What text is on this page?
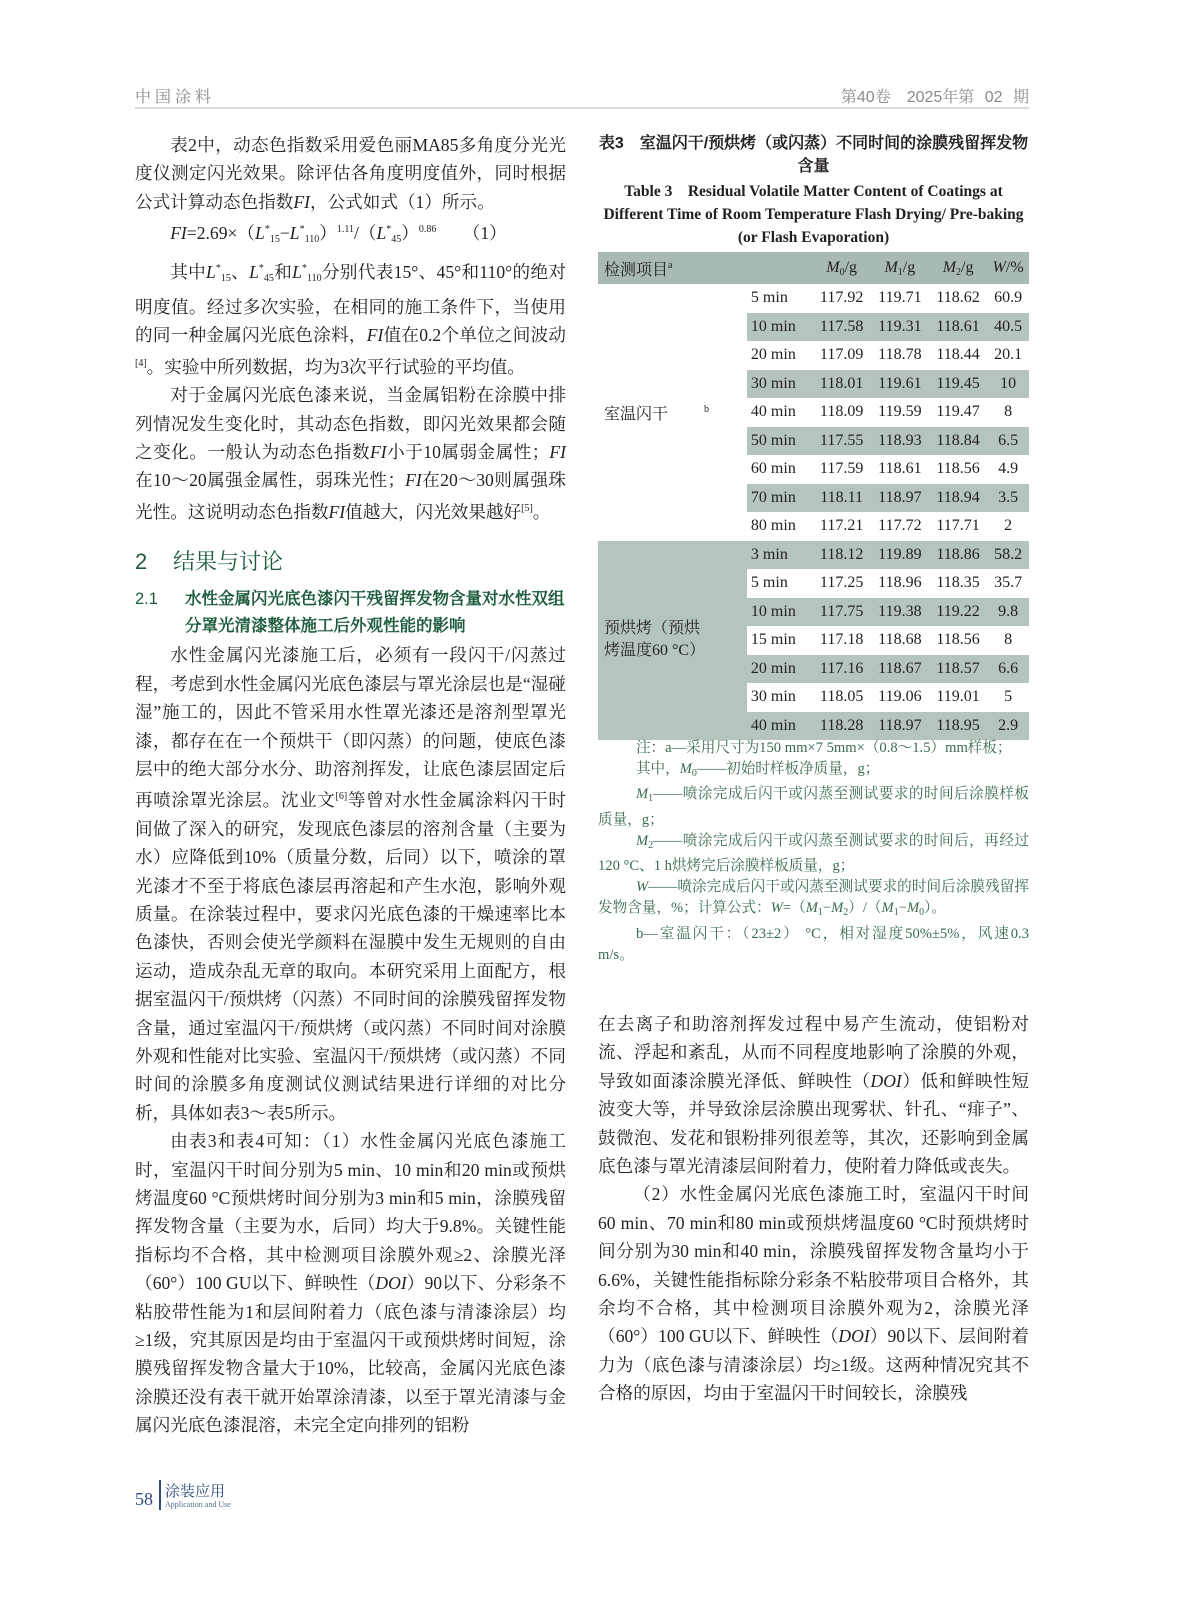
中国涂料	第40卷　2025年第 02 期

表2中，动态色指数采用爱色丽MA85多角度分光光度仪测定闪光效果。除评估各角度明度值外，同时根据公式计算动态色指数FI，公式如式（1）所示。

$FI=2.69\times(L^*_{15}-L^*_{110})^{1.11}/(L^*_{45})^{0.86}$　　（1）

其中$L^*_{15}$、$L^*_{45}$和$L^*_{110}$分别代表15°、45°和110°的绝对明度值。经过多次实验，在相同的施工条件下，当使用的同一种金属闪光底色涂料，FI值在0.2个单位之间波动[4]。实验中所列数据，均为3次平行试验的平均值。

对于金属闪光底色漆来说，当金属铝粉在涂膜中排列情况发生变化时，其动态色指数，即闪光效果都会随之变化。一般认为动态色指数FI小于10属弱金属性；FI在10～20属强金属性，弱珠光性；FI在20～30则属强珠光性。这说明动态色指数FI值越大，闪光效果越好[5]。

2 结果与讨论
2.1	水性金属闪光底色漆闪干残留挥发物含量对水性双组分罩光清漆整体施工后外观性能的影响

水性金属闪光漆施工后，必须有一段闪干/闪蒸过程，考虑到水性金属闪光底色漆层与罩光涂层也是“湿碰湿”施工的，因此不管采用水性罩光漆还是溶剂型罩光漆，都存在在一个预烘干（即闪蒸）的问题，使底色漆层中的绝大部分水分、助溶剂挥发，让底色漆层固定后再喷涂罩光涂层。沈业文[6]等曾对水性金属涂料闪干时间做了深入的研究，发现底色漆层的溶剂含量（主要为水）应降低到10%（质量分数，后同）以下，喷涂的罩光漆才不至于将底色漆层再溶起和产生水泡，影响外观质量。在涂装过程中，要求闪光底色漆的干燥速率比本色漆快，否则会使光学颜料在湿膜中发生无规则的自由运动，造成杂乱无章的取向。本研究采用上面配方，根据室温闪干/预烘烤（闪蒸）不同时间的涂膜残留挥发物含量，通过室温闪干/预烘烤（或闪蒸）不同时间对涂膜外观和性能对比实验、室温闪干/预烘烤（或闪蒸）不同时间的涂膜多角度测试仪测试结果进行详细的对比分析，具体如表3～表5所示。

由表3和表4可知：（1）水性金属闪光底色漆施工时，室温闪干时间分别为5 min、10 min和20 min或预烘烤温度60 °C预烘烤时间分别为3 min和5 min，涂膜残留挥发物含量（主要为水，后同）均大于9.8%。关键性能指标均不合格，其中检测项目涂膜外观≥2、涂膜光泽（60°）100 GU以下、鲜映性（DOI）90以下、分彩条不粘胶带性能为1和层间附着力（底色漆与清漆涂层）均≥1级，究其原因是均由于室温闪干或预烘烤时间短，涂膜残留挥发物含量大于10%，比较高，金属闪光底色漆涂膜还没有表干就开始罩涂清漆，以至于罩光清漆与金属闪光底色漆混溶，未完全定向排列的铝粉

表3　室温闪干/预烘烤（或闪蒸）不同时间的涂膜残留挥发物含量
Table 3　Residual Volatile Matter Content of Coatings at Different Time of Room Temperature Flash Drying/ Pre-baking (or Flash Evaporation)
检测项目$^a$		$M_0/g$	$M_1/g$	$M_2/g$	W/%
室温闪干 $^b$	5 min	117.92	119.71	118.62	60.9
	10 min	117.58	119.31	118.61	40.5
	20 min	117.09	118.78	118.44	20.1
	30 min	118.01	119.61	119.45	10
	40 min	118.09	119.59	119.47	8
	50 min	117.55	118.93	118.84	6.5
	60 min	117.59	118.61	118.56	4.9
	70 min	118.11	118.97	118.94	3.5
	80 min	117.21	117.72	117.71	2
预烘烤（预烘烤温度60 °C）	3 min	118.12	119.89	118.86	58.2
	5 min	117.25	118.96	118.35	35.7
	10 min	117.75	119.38	119.22	9.8
	15 min	117.18	118.68	118.56	8
	20 min	117.16	118.67	118.57	6.6
	30 min	118.05	119.06	119.01	5
	40 min	118.28	118.97	118.95	2.9

注：a—采用尺寸为150 mm×7 5mm×（0.8～1.5）mm样板；

其中，$M_0——$初始时样板净质量，g；

$M_1——$喷涂完成后闪干或闪蒸至测试要求的时间后涂膜样板质量，g；

$M_2——$喷涂完成后闪干或闪蒸至测试要求的时间后，再经过120 °C、1 h烘烤完后涂膜样板质量，g；

W——喷涂完成后闪干或闪蒸至测试要求的时间后涂膜残留挥发物含量，%；计算公式：$W=(M_1-M_2)/(M_1-M_0)$。

b—室温闪干：（23±2） °C，相对湿度50%±5%，风速0.3 m/s。

在去离子和助溶剂挥发过程中易产生流动，使铝粉对流、浮起和紊乱，从而不同程度地影响了涂膜的外观，导致如面漆涂膜光泽低、鲜映性（DOI）低和鲜映性短波变大等，并导致涂层涂膜出现雾状、针孔、“痱子”、鼓微泡、发花和银粉排列很差等，其次，还影响到金属底色漆与罩光清漆层间附着力，使附着力降低或丧失。

（2）水性金属闪光底色漆施工时，室温闪干时间60 min、70 min和80 min或预烘烤温度60 °C时预烘烤时间分别为30 min和40 min，涂膜残留挥发物含量均小于6.6%，关键性能指标除分彩条不粘胶带项目合格外，其余均不合格，其中检测项目涂膜外观为2，涂膜光泽（60°）100 GU以下、鲜映性（DOI）90以下、层间附着力为（底色漆与清漆涂层）均≥1级。这两种情况究其不合格的原因，均由于室温闪干时间较长，涂膜残

58 涂装应用
Application and Use
